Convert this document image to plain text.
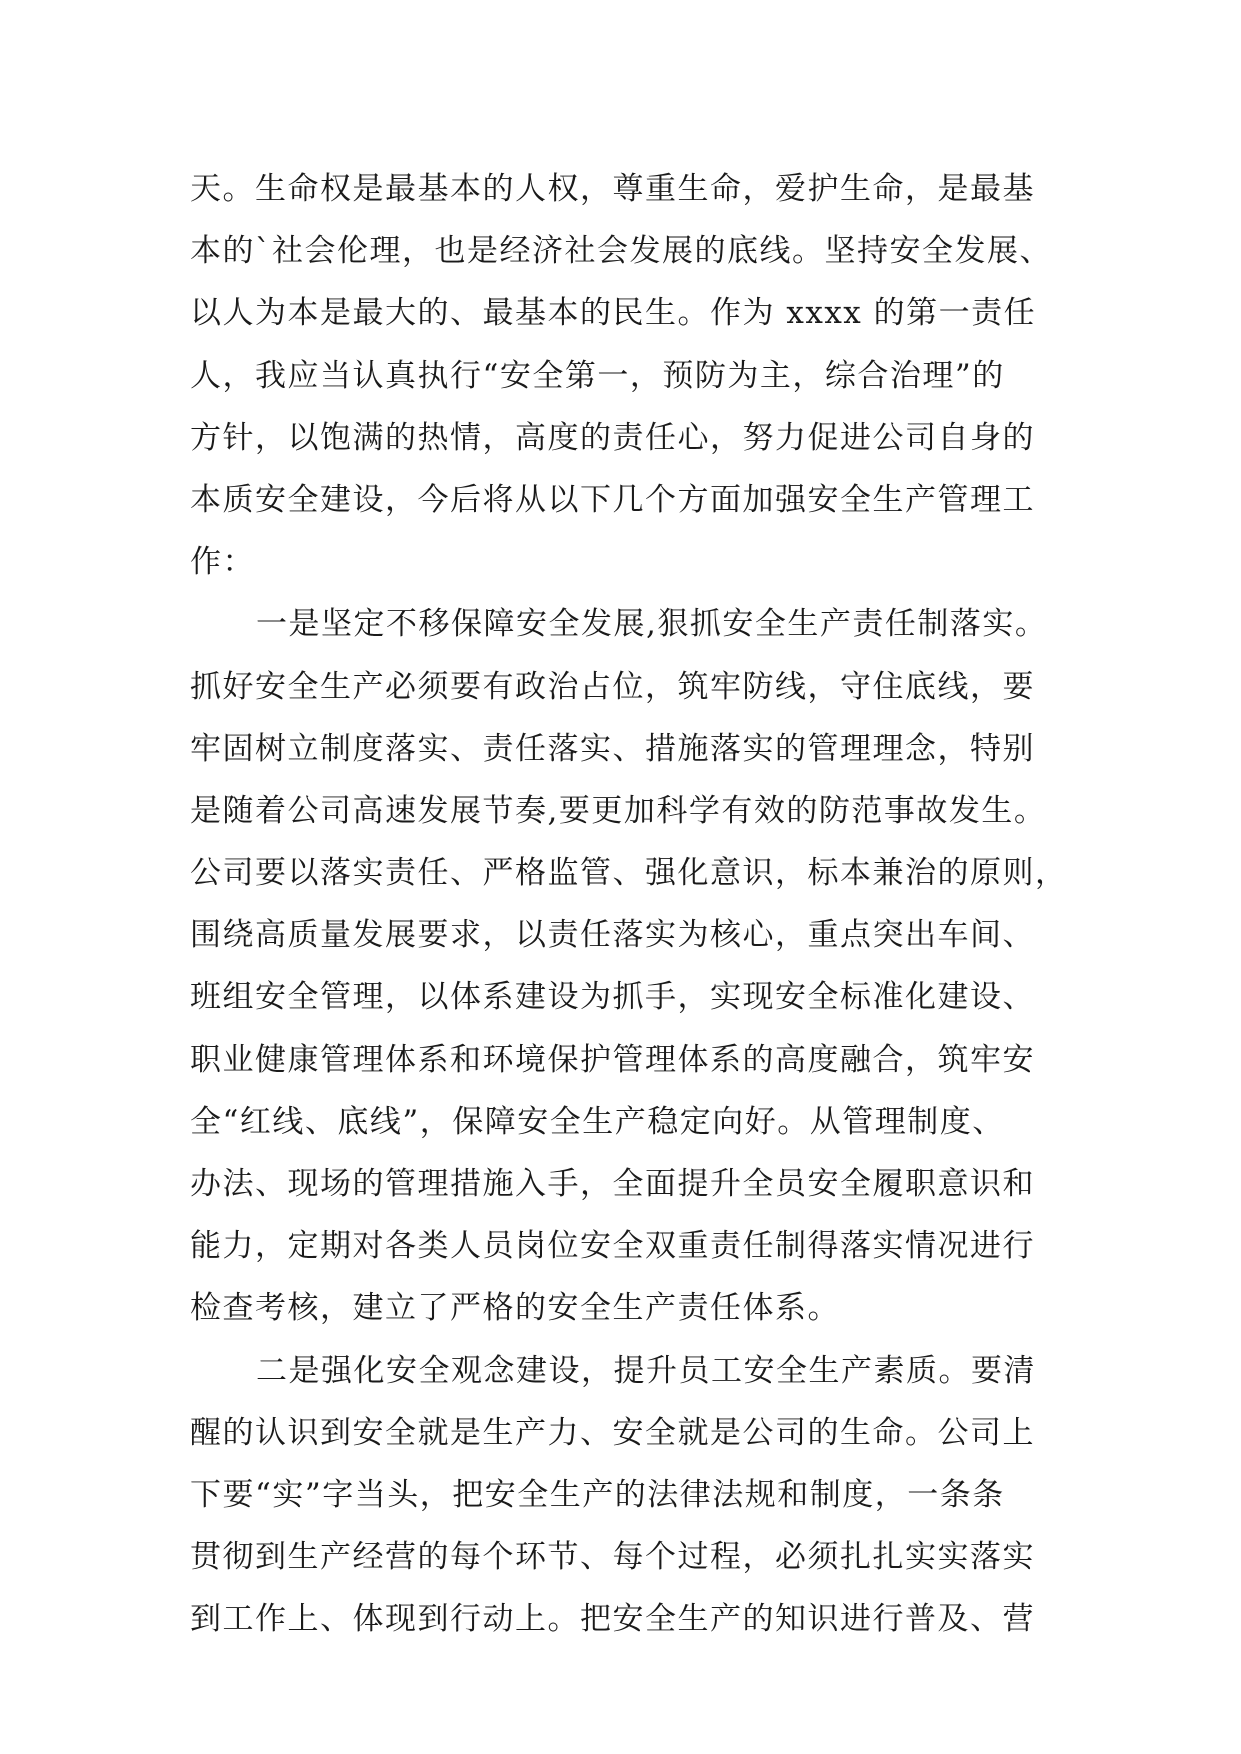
天。生命权是最基本的人权，尊重生命，爱护生命，是最基
本的`社会伦理，也是经济社会发展的底线。坚持安全发展、
以人为本是最大的、最基本的民生。作为 xxxx 的第一责任
人，我应当认真执行“安全第一，预防为主，综合治理”的
方针，以饱满的热情，高度的责任心，努力促进公司自身的
本质安全建设，今后将从以下几个方面加强安全生产管理工
作：
一是坚定不移保障安全发展,狠抓安全生产责任制落实。
抓好安全生产必须要有政治占位，筑牢防线，守住底线，要
牢固树立制度落实、责任落实、措施落实的管理理念，特别
是随着公司高速发展节奏,要更加科学有效的防范事故发生。
公司要以落实责任、严格监管、强化意识，标本兼治的原则，
围绕高质量发展要求，以责任落实为核心，重点突出车间、
班组安全管理，以体系建设为抓手，实现安全标准化建设、
职业健康管理体系和环境保护管理体系的高度融合，筑牢安
全“红线、底线”，保障安全生产稳定向好。从管理制度、
办法、现场的管理措施入手，全面提升全员安全履职意识和
能力，定期对各类人员岗位安全双重责任制得落实情况进行
检查考核，建立了严格的安全生产责任体系。
二是强化安全观念建设，提升员工安全生产素质。要清
醒的认识到安全就是生产力、安全就是公司的生命。公司上
下要“实”字当头，把安全生产的法律法规和制度，一条条
贯彻到生产经营的每个环节、每个过程，必须扎扎实实落实
到工作上、体现到行动上。把安全生产的知识进行普及、营
